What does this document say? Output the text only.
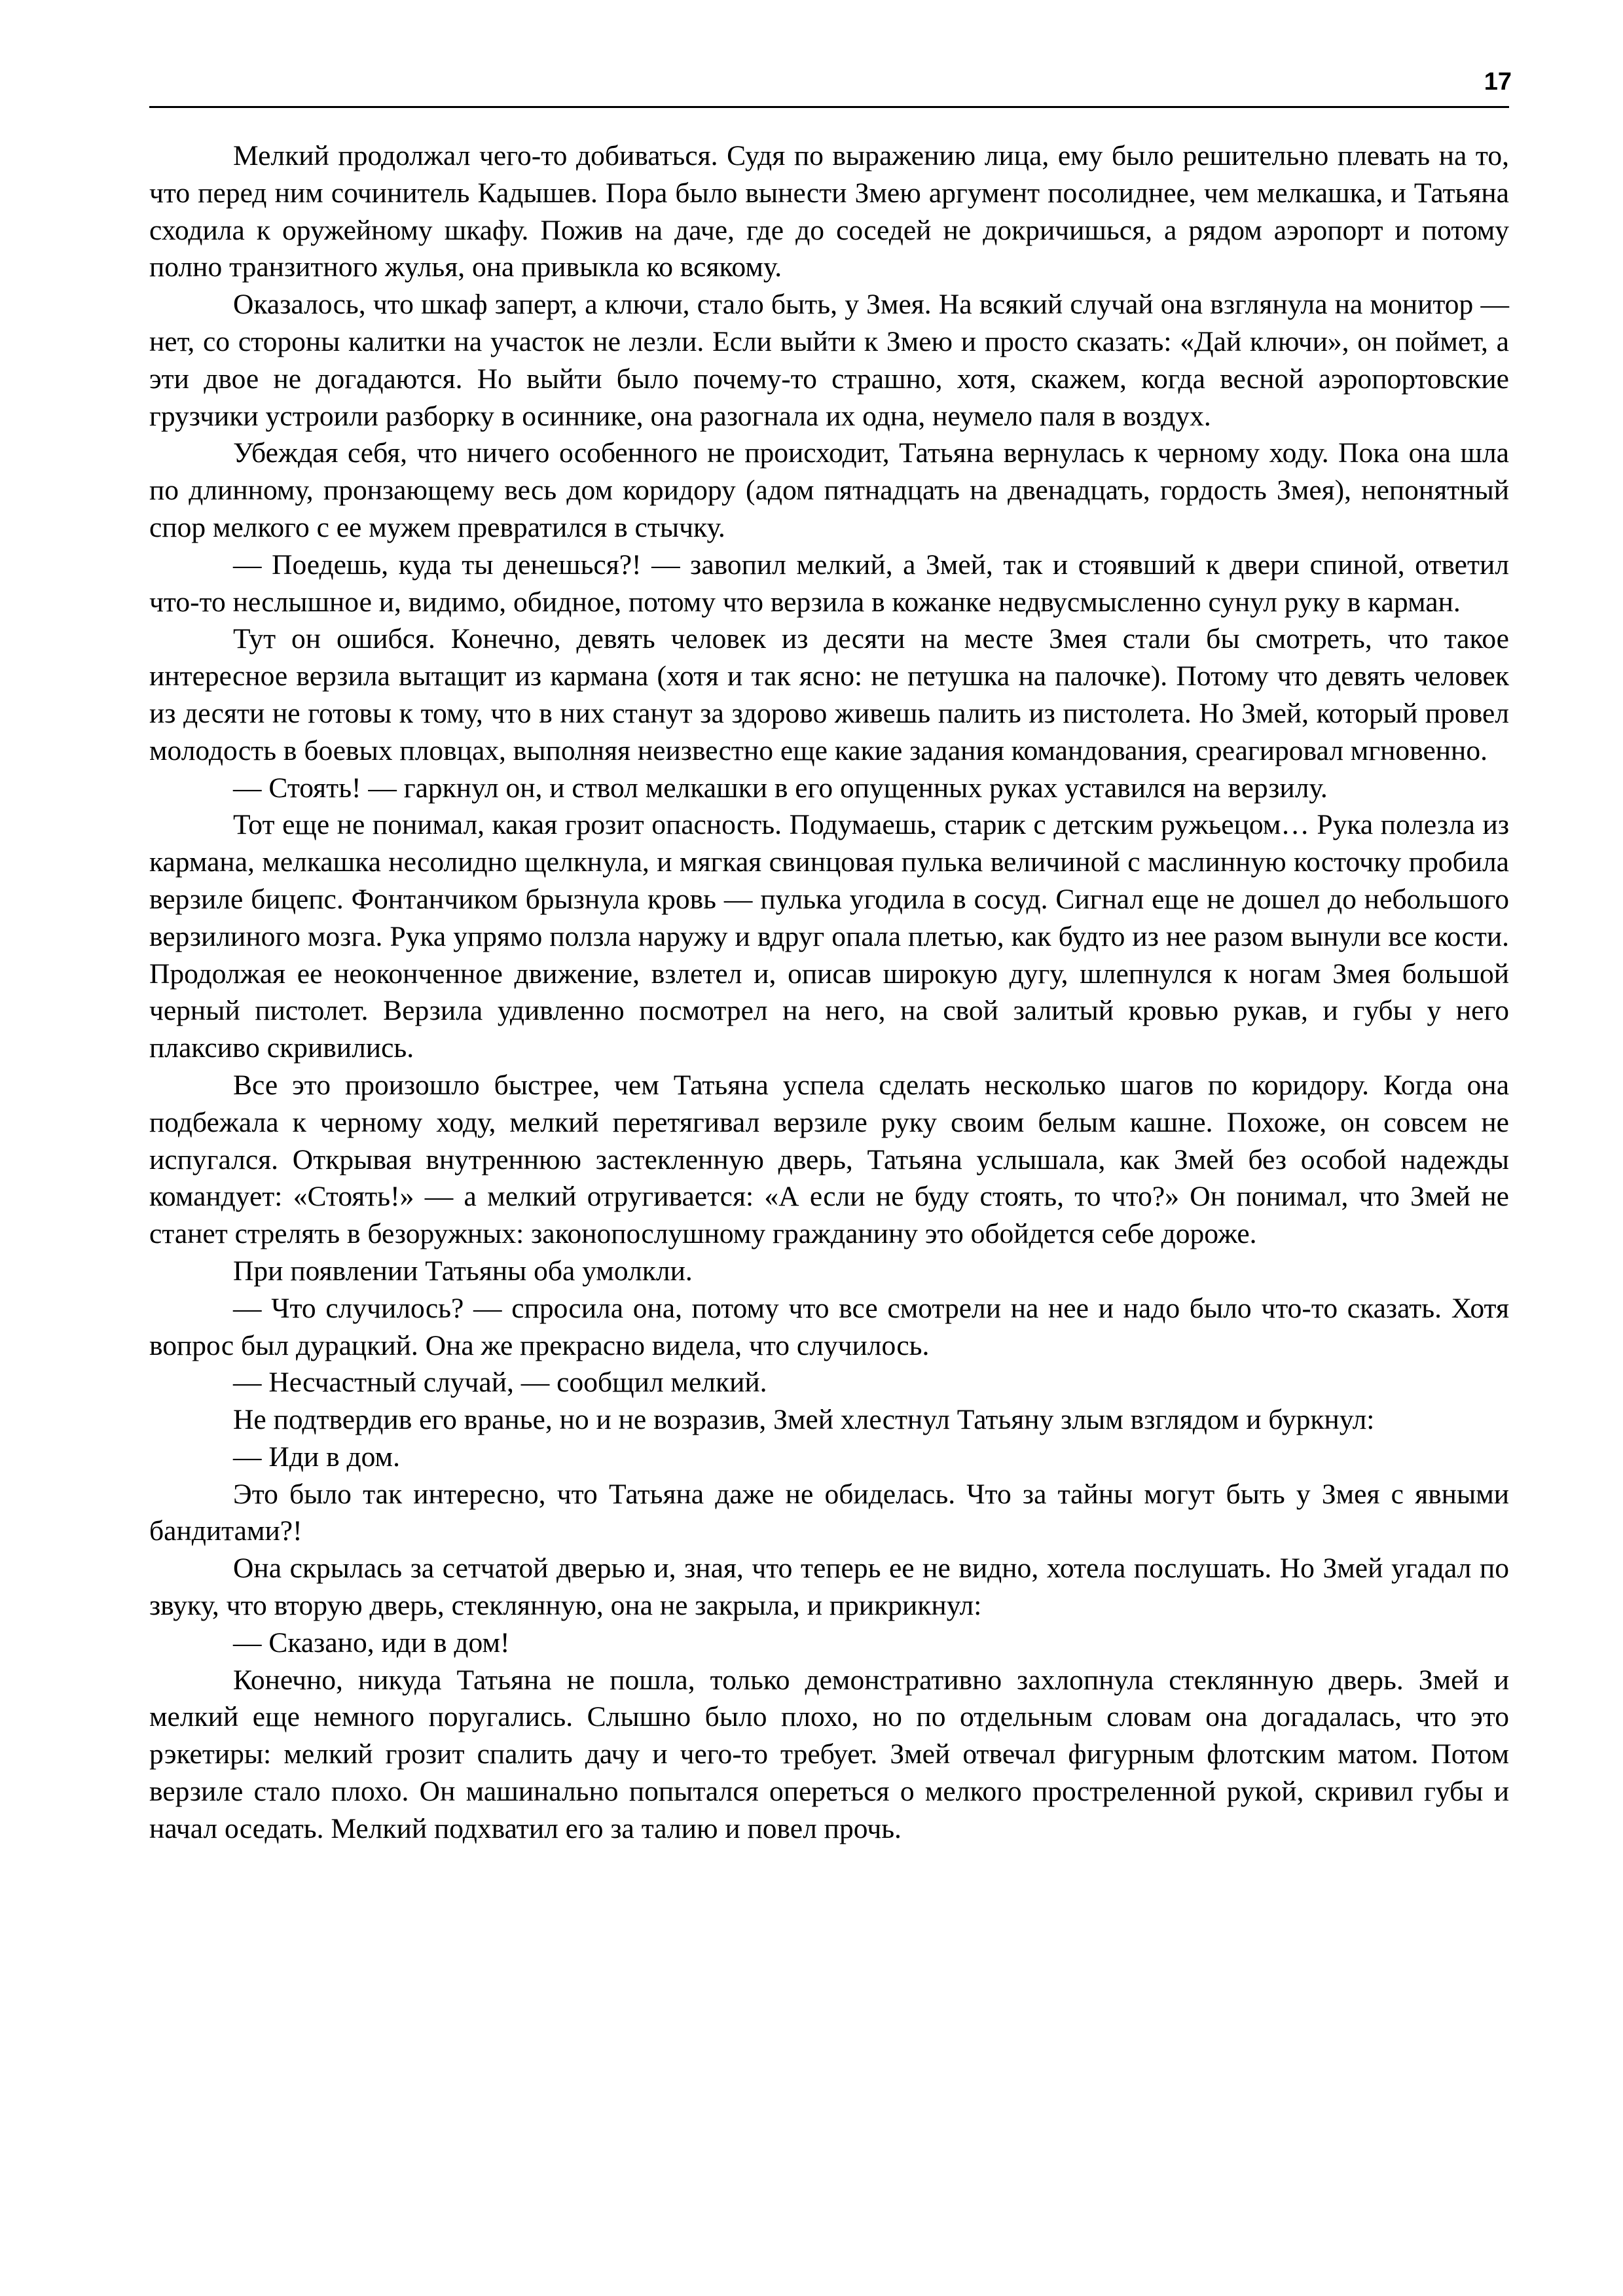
17

Мелкий продолжал чего-то добиваться. Судя по выражению лица, ему было решительно плевать на то, что перед ним сочинитель Кадышев. Пора было вынести Змею аргумент посолиднее, чем мелкашка, и Татьяна сходила к оружейному шкафу. Пожив на даче, где до соседей не докричишься, а рядом аэропорт и потому полно транзитного жулья, она привыкла ко всякому.

Оказалось, что шкаф заперт, а ключи, стало быть, у Змея. На всякий случай она взглянула на монитор — нет, со стороны калитки на участок не лезли. Если выйти к Змею и просто сказать: «Дай ключи», он поймет, а эти двое не догадаются. Но выйти было почему-то страшно, хотя, скажем, когда весной аэропортовские грузчики устроили разборку в осиннике, она разогнала их одна, неумело паля в воздух.

Убеждая себя, что ничего особенного не происходит, Татьяна вернулась к черному ходу. Пока она шла по длинному, пронзающему весь дом коридору (адом пятнадцать на двенадцать, гордость Змея), непонятный спор мелкого с ее мужем превратился в стычку.

— Поедешь, куда ты денешься?! — завопил мелкий, а Змей, так и стоявший к двери спиной, ответил что-то неслышное и, видимо, обидное, потому что верзила в кожанке недвусмысленно сунул руку в карман.

Тут он ошибся. Конечно, девять человек из десяти на месте Змея стали бы смотреть, что такое интересное верзила вытащит из кармана (хотя и так ясно: не петушка на палочке). Потому что девять человек из десяти не готовы к тому, что в них станут за здорово живешь палить из пистолета. Но Змей, который провел молодость в боевых пловцах, выполняя неизвестно еще какие задания командования, среагировал мгновенно.

— Стоять! — гаркнул он, и ствол мелкашки в его опущенных руках уставился на верзилу.

Тот еще не понимал, какая грозит опасность. Подумаешь, старик с детским ружьецом… Рука полезла из кармана, мелкашка несолидно щелкнула, и мягкая свинцовая пулька величиной с маслинную косточку пробила верзиле бицепс. Фонтанчиком брызнула кровь — пулька угодила в сосуд. Сигнал еще не дошел до небольшого верзилиного мозга. Рука упрямо ползла наружу и вдруг опала плетью, как будто из нее разом вынули все кости. Продолжая ее неоконченное движение, взлетел и, описав широкую дугу, шлепнулся к ногам Змея большой черный пистолет. Верзила удивленно посмотрел на него, на свой залитый кровью рукав, и губы у него плаксиво скривились.

Все это произошло быстрее, чем Татьяна успела сделать несколько шагов по коридору. Когда она подбежала к черному ходу, мелкий перетягивал верзиле руку своим белым кашне. Похоже, он совсем не испугался. Открывая внутреннюю застекленную дверь, Татьяна услышала, как Змей без особой надежды командует: «Стоять!» — а мелкий отругивается: «А если не буду стоять, то что?» Он понимал, что Змей не станет стрелять в безоружных: законопослушному гражданину это обойдется себе дороже.

При появлении Татьяны оба умолкли.

— Что случилось? — спросила она, потому что все смотрели на нее и надо было что-то сказать. Хотя вопрос был дурацкий. Она же прекрасно видела, что случилось.

— Несчастный случай, — сообщил мелкий.

Не подтвердив его вранье, но и не возразив, Змей хлестнул Татьяну злым взглядом и буркнул:

— Иди в дом.

Это было так интересно, что Татьяна даже не обиделась. Что за тайны могут быть у Змея с явными бандитами?!

Она скрылась за сетчатой дверью и, зная, что теперь ее не видно, хотела послушать. Но Змей угадал по звуку, что вторую дверь, стеклянную, она не закрыла, и прикрикнул:

— Сказано, иди в дом!

Конечно, никуда Татьяна не пошла, только демонстративно захлопнула стеклянную дверь. Змей и мелкий еще немного поругались. Слышно было плохо, но по отдельным словам она догадалась, что это рэкетиры: мелкий грозит спалить дачу и чего-то требует. Змей отвечал фигурным флотским матом. Потом верзиле стало плохо. Он машинально попытался опереться о мелкого простреленной рукой, скривил губы и начал оседать. Мелкий подхватил его за талию и повел прочь.
